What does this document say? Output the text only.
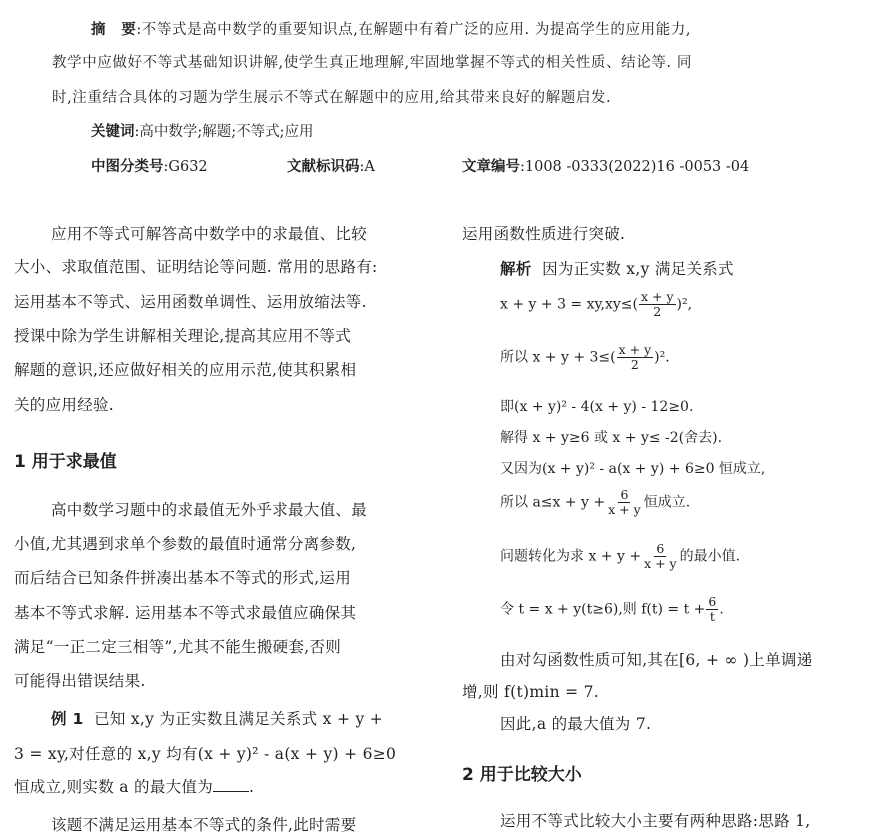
摘　要:不等式是高中数学的重要知识点,在解题中有着广泛的应用. 为提高学生的应用能力,
教学中应做好不等式基础知识讲解,使学生真正地理解,牢固地掌握不等式的相关性质、结论等. 同
时,注重结合具体的习题为学生展示不等式在解题中的应用,给其带来良好的解题启发.
关键词:高中数学;解题;不等式;应用
中图分类号:G632	文献标识码:A	文章编号:1008 -0333(2022)16 -0053 -04
应用不等式可解答高中数学中的求最值、比较
大小、求取值范围、证明结论等问题. 常用的思路有:
运用基本不等式、运用函数单调性、运用放缩法等.
授课中除为学生讲解相关理论,提高其应用不等式
解题的意识,还应做好相关的应用示范,使其积累相
关的应用经验.
1 用于求最值
高中数学习题中的求最值无外乎求最大值、最
小值,尤其遇到求单个参数的最值时通常分离参数,
而后结合已知条件拼凑出基本不等式的形式,运用
基本不等式求解. 运用基本不等式求最值应确保其
满足“一正二定三相等”,尤其不能生搬硬套,否则
可能得出错误结果.
例 1 已知 x,y 为正实数且满足关系式 x + y +
3 = xy,对任意的 x,y 均有(x + y)² - a(x + y) + 6≥0
恒成立,则实数 a 的最大值为 .
该题不满足运用基本不等式的条件,此时需要
运用函数性质进行突破.
解析 因为正实数 x,y 满足关系式
$x + y + 3 = xy,xy\le( \frac{x + y}{2} )^2$,
所以 $x + y + 3\le( \frac{x + y}{2} )^2$.
即(x + y)² - 4(x + y) - 12≥0.
解得 x + y≥6 或 x + y≤ -2(舍去).
又因为(x + y)² - a(x + y) + 6≥0 恒成立,
所以 $a\le x + y + \frac{6}{x + y}$ 恒成立.
问题转化为求 $x + y + \frac{6}{x + y}$ 的最小值.
令 t = x + y(t≥6),则 $f(t) = t + \frac{6}{t}$ .
由对勾函数性质可知,其在[6, + ∞ )上单调递
增,则 f(t)min = 7.
因此,a 的最大值为 7.
2 用于比较大小
运用不等式比较大小主要有两种思路:思路 1,
